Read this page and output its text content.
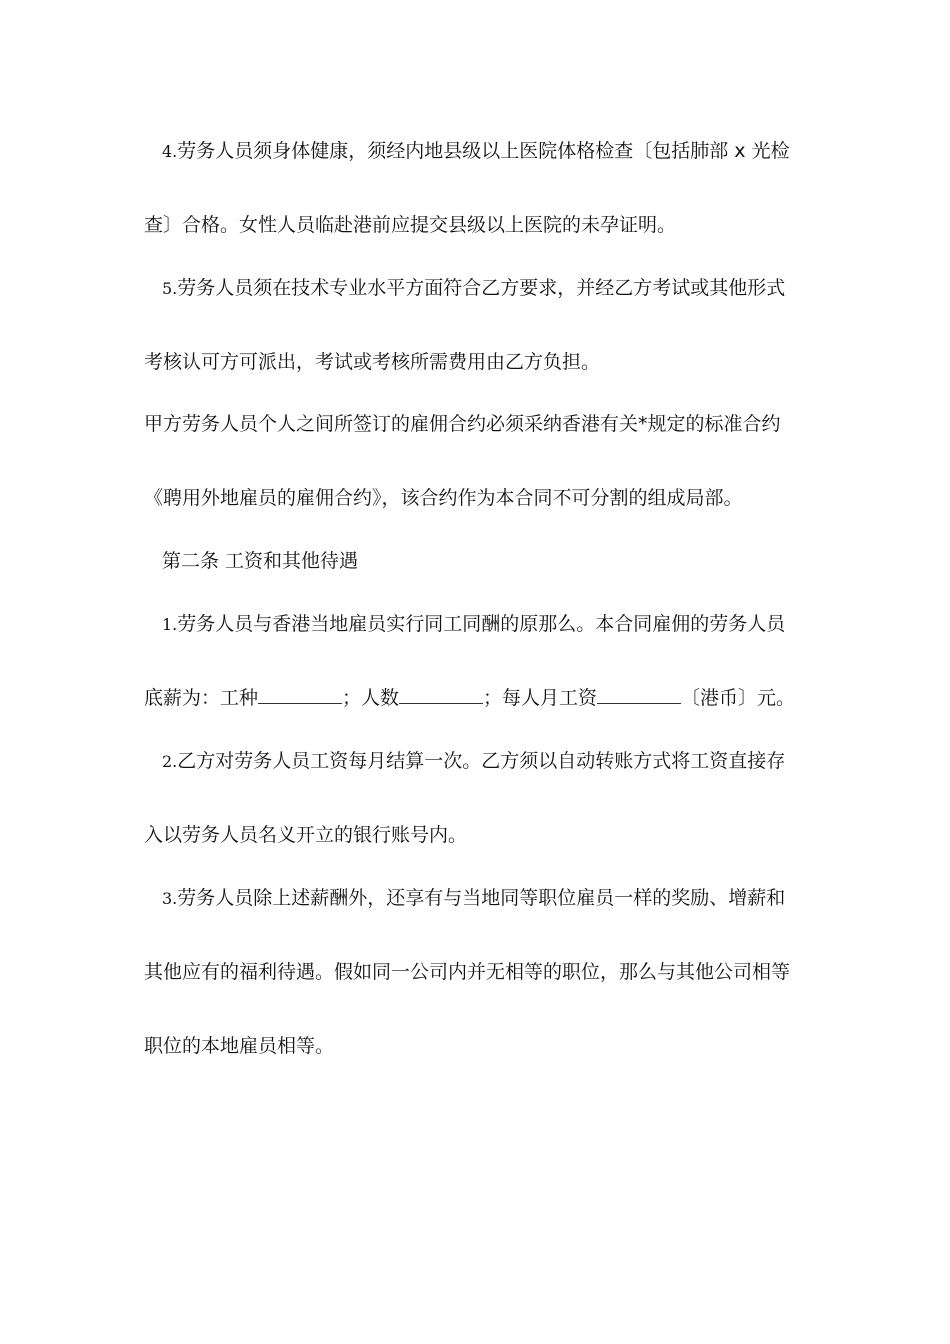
4.劳务人员须身体健康，须经内地县级以上医院体格检查〔包括肺部 x 光检
查〕合格。女性人员临赴港前应提交县级以上医院的未孕证明。
5.劳务人员须在技术专业水平方面符合乙方要求，并经乙方考试或其他形式
考核认可方可派出，考试或考核所需费用由乙方负担。
甲方劳务人员个人之间所签订的雇佣合约必须采纳香港有关*规定的标准合约
《聘用外地雇员的雇佣合约》，该合约作为本合同不可分割的组成局部。
第二条 工资和其他待遇
1.劳务人员与香港当地雇员实行同工同酬的原那么。本合同雇佣的劳务人员
底薪为：工种	；人数	；每人月工资	〔港币〕元。
2.乙方对劳务人员工资每月结算一次。乙方须以自动转账方式将工资直接存
入以劳务人员名义开立的银行账号内。
3.劳务人员除上述薪酬外，还享有与当地同等职位雇员一样的奖励、增薪和
其他应有的福利待遇。假如同一公司内并无相等的职位，那么与其他公司相等
职位的本地雇员相等。
